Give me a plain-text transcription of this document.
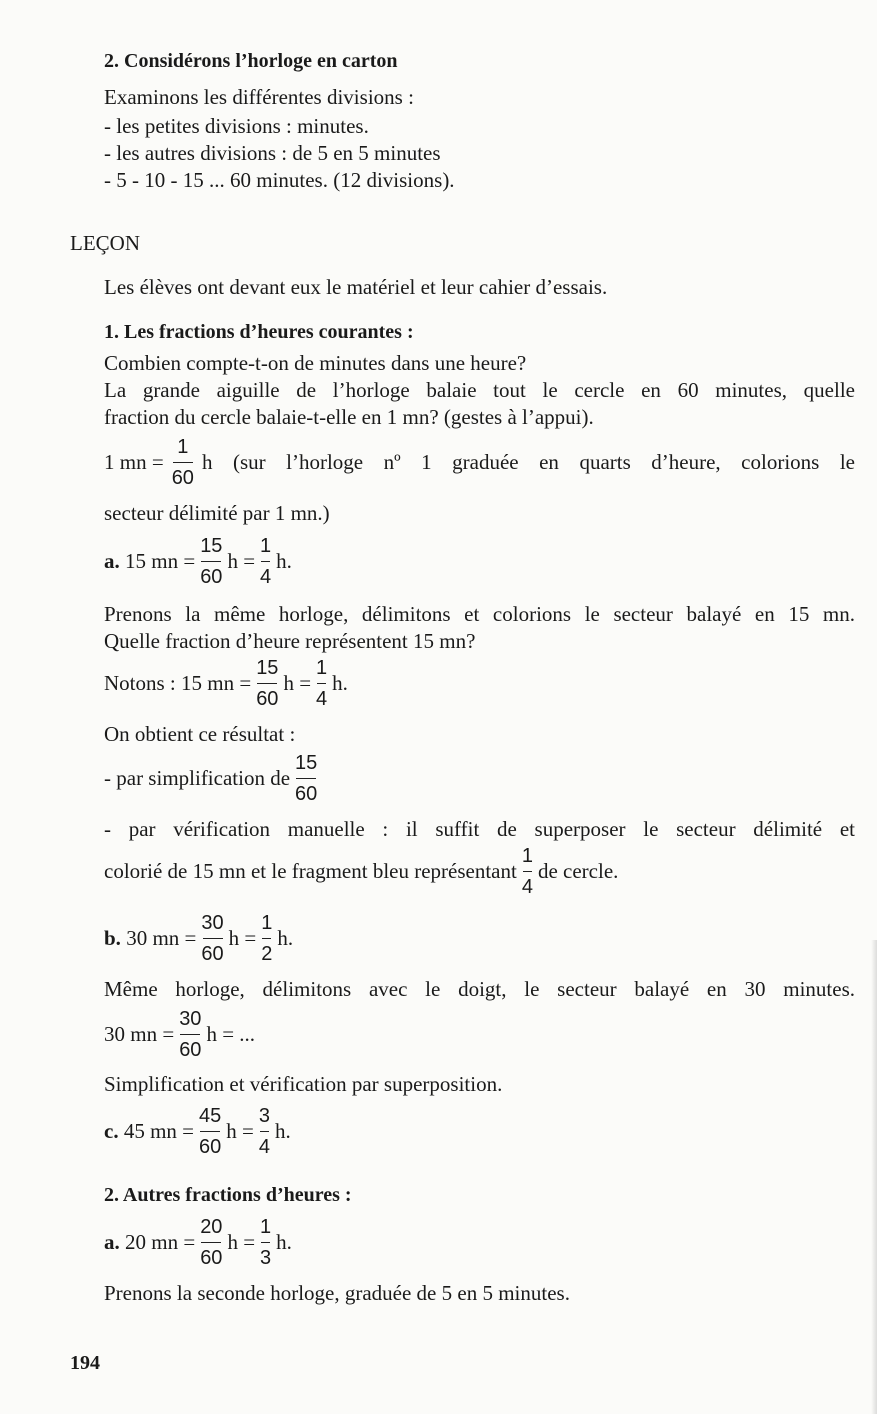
2. Considérons l’horloge en carton
Examinons les différentes divisions :
- les petites divisions : minutes.
- les autres divisions : de 5 en 5 minutes
- 5 - 10 - 15 ... 60 minutes. (12 divisions).
LEÇON
Les élèves ont devant eux le matériel et leur cahier d’essais.
1. Les fractions d’heures courantes :
Combien compte-t-on de minutes dans une heure?
La grande aiguille de l’horloge balaie tout le cercle en 60 minutes, quelle
fraction du cercle balaie-t-elle en 1 mn? (gestes à l’appui).
1 mn = $\frac{1}{60}$ h (sur l’horloge nº 1 graduée en quarts d’heure, colorions le
secteur délimité par 1 mn.)
a.
15 mn = $\frac{15}{60}$ $h = \frac{1}{4} h$.
Prenons la même horloge, délimitons et colorions le secteur balayé en 15 mn.
Quelle fraction d’heure représentent 15 mn?
Notons : 15 mn = $\frac{15}{60}$ $h = \frac{1}{4} h$.
On obtient ce résultat :
- par simplification de $\frac{15}{60}$
- par vérification manuelle : il suffit de superposer le secteur délimité et
colorié de 15 mn et le fragment bleu représentant $\frac{1}{4}$ de cercle.
b.
30 mn = $\frac{30}{60}$ $h = \frac{1}{2} h$.
Même horloge, délimitons avec le doigt, le secteur balayé en 30 minutes.
30 mn = $\frac{30}{60}$ h = ...
Simplification et vérification par superposition.
c.
45 mn = $\frac{45}{60}$ $h = \frac{3}{4} h$.
2. Autres fractions d’heures :
a.
20 mn = $\frac{20}{60}$ $h = \frac{1}{3} h$.
Prenons la seconde horloge, graduée de 5 en 5 minutes.
194
